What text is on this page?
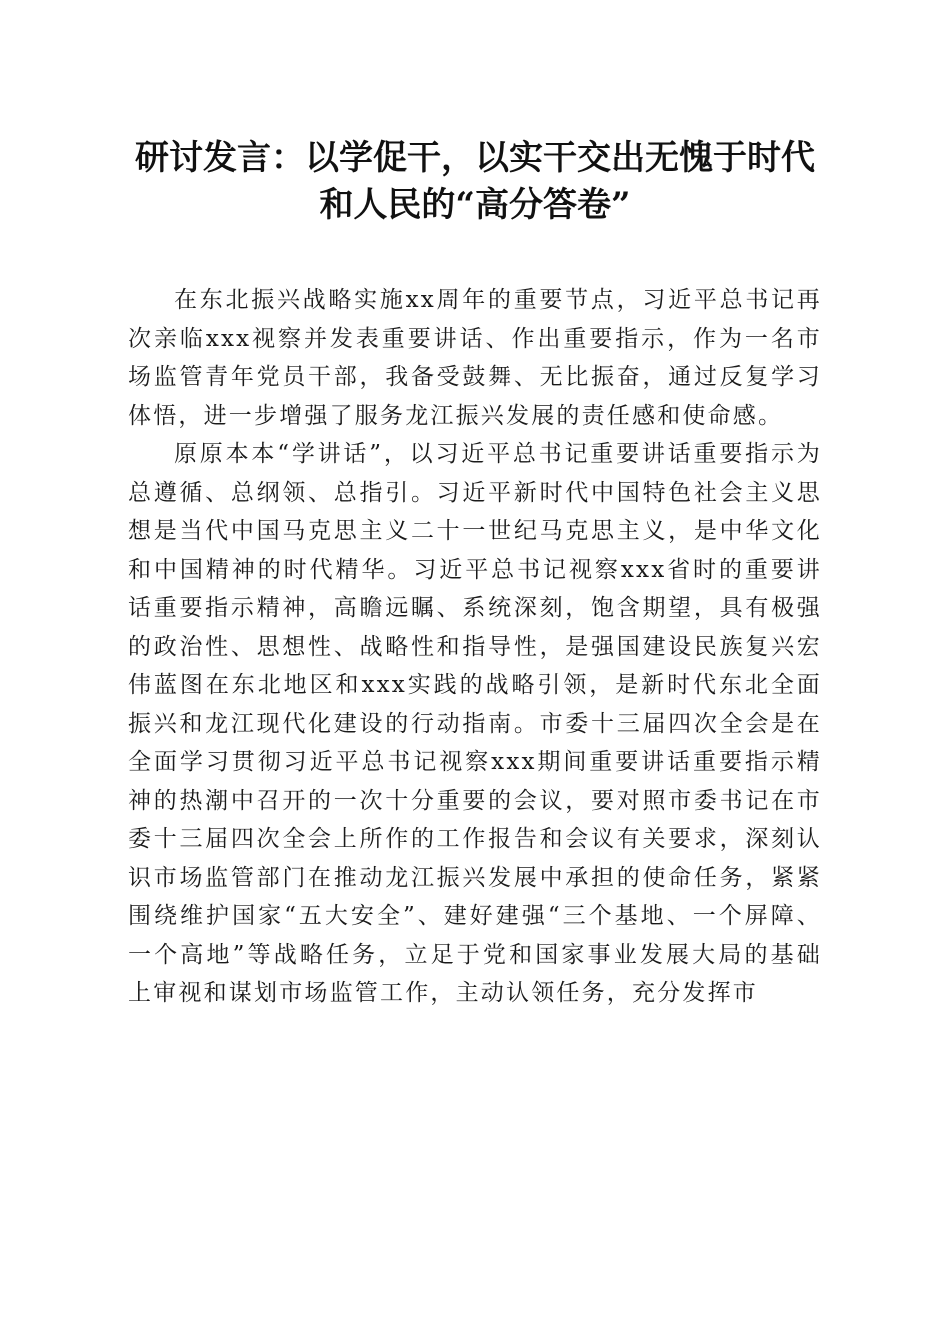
研讨发言：以学促干，以实干交出无愧于时代
和人民的“高分答卷”

在东北振兴战略实施xx周年的重要节点，习近平总书记再次亲临xxx视察并发表重要讲话、作出重要指示，作为一名市场监管青年党员干部，我备受鼓舞、无比振奋，通过反复学习体悟，进一步增强了服务龙江振兴发展的责任感和使命感。

原原本本“学讲话”，以习近平总书记重要讲话重要指示为总遵循、总纲领、总指引。习近平新时代中国特色社会主义思想是当代中国马克思主义二十一世纪马克思主义，是中华文化和中国精神的时代精华。习近平总书记视察xxx省时的重要讲话重要指示精神，高瞻远瞩、系统深刻，饱含期望，具有极强的政治性、思想性、战略性和指导性，是强国建设民族复兴宏伟蓝图在东北地区和xxx实践的战略引领，是新时代东北全面振兴和龙江现代化建设的行动指南。市委十三届四次全会是在全面学习贯彻习近平总书记视察xxx期间重要讲话重要指示精神的热潮中召开的一次十分重要的会议，要对照市委书记在市委十三届四次全会上所作的工作报告和会议有关要求，深刻认识市场监管部门在推动龙江振兴发展中承担的使命任务，紧紧围绕维护国家“五大安全”、建好建强“三个基地、一个屏障、一个高地”等战略任务，立足于党和国家事业发展大局的基础上审视和谋划市场监管工作，主动认领任务，充分发挥市
